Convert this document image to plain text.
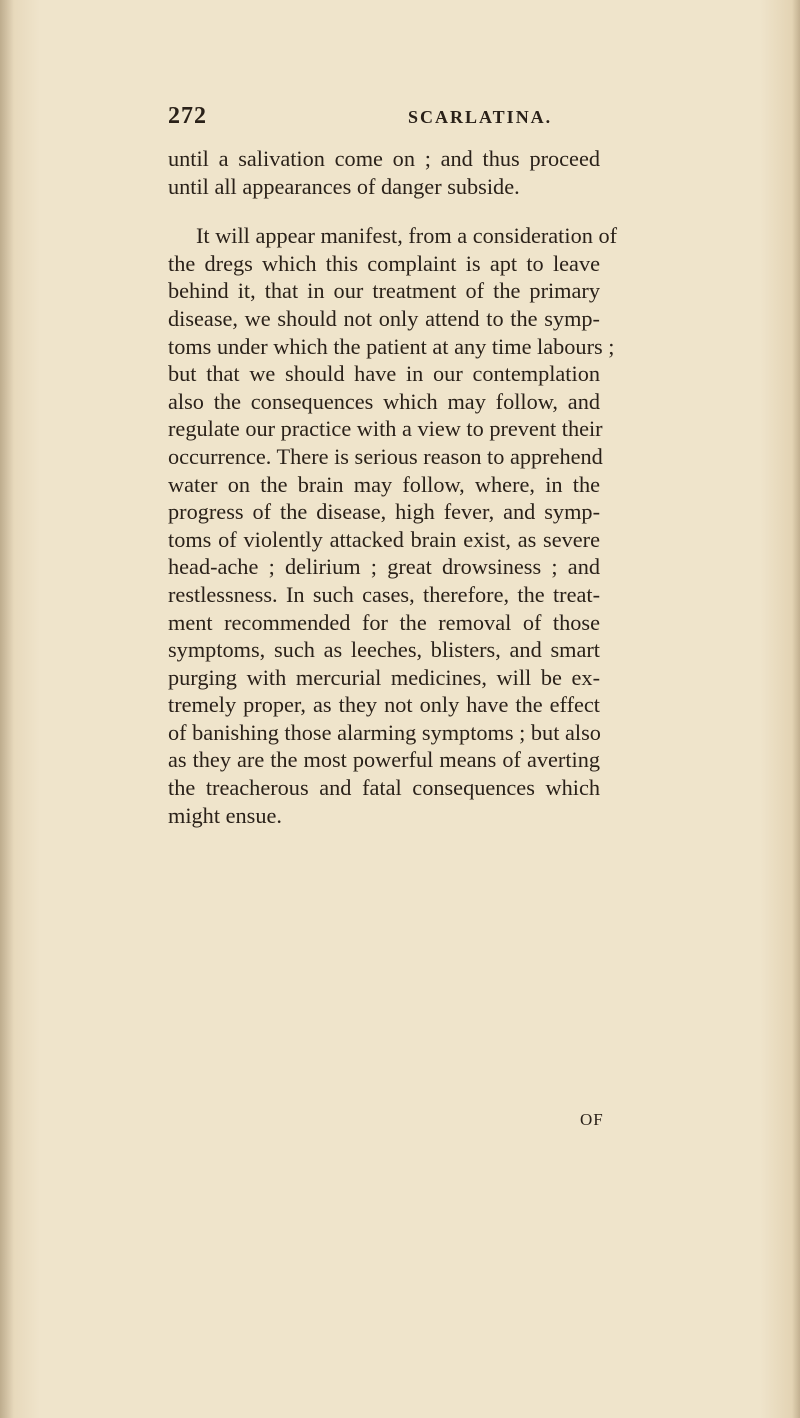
272	SCARLATINA.
until a salivation come on ; and thus proceed
until all appearances of danger subside.
It will appear manifest, from a consideration of
the dregs which this complaint is apt to leave
behind it, that in our treatment of the primary
disease, we should not only attend to the symp-
toms under which the patient at any time labours ;
but that we should have in our contemplation
also the consequences which may follow, and
regulate our practice with a view to prevent their
occurrence. There is serious reason to apprehend
water on the brain may follow, where, in the
progress of the disease, high fever, and symp-
toms of violently attacked brain exist, as severe
head-ache ; delirium ; great drowsiness ; and
restlessness. In such cases, therefore, the treat-
ment recommended for the removal of those
symptoms, such as leeches, blisters, and smart
purging with mercurial medicines, will be ex-
tremely proper, as they not only have the effect
of banishing those alarming symptoms ; but also
as they are the most powerful means of averting
the treacherous and fatal consequences which
might ensue.
OF
